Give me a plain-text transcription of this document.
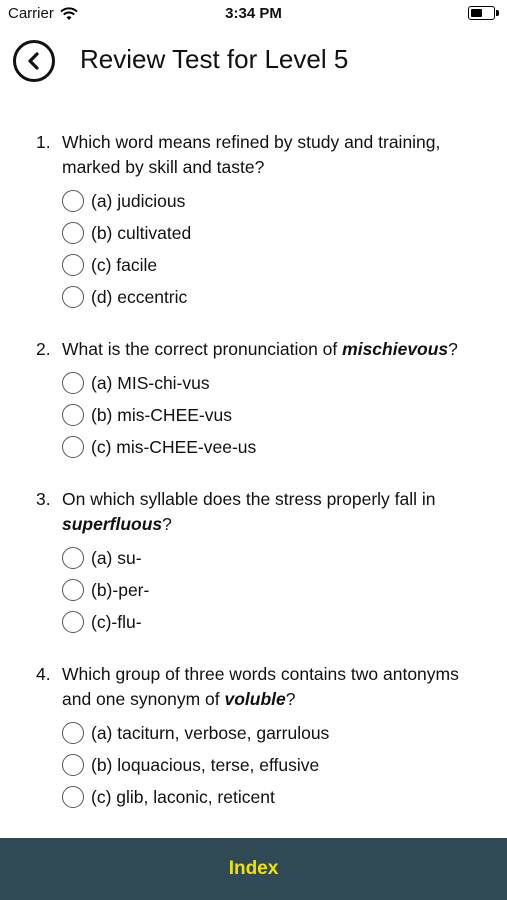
Carrier	3:34 PM
Review Test for Level 5
1. Which word means refined by study and training, marked by skill and taste?
(a) judicious
(b) cultivated
(c) facile
(d) eccentric
2. What is the correct pronunciation of mischievous?
(a) MIS-chi-vus
(b) mis-CHEE-vus
(c) mis-CHEE-vee-us
3. On which syllable does the stress properly fall in superfluous?
(a) su-
(b)-per-
(c)-flu-
4. Which group of three words contains two antonyms and one synonym of voluble?
(a) taciturn, verbose, garrulous
(b) loquacious, terse, effusive
(c) glib, laconic, reticent
Index
